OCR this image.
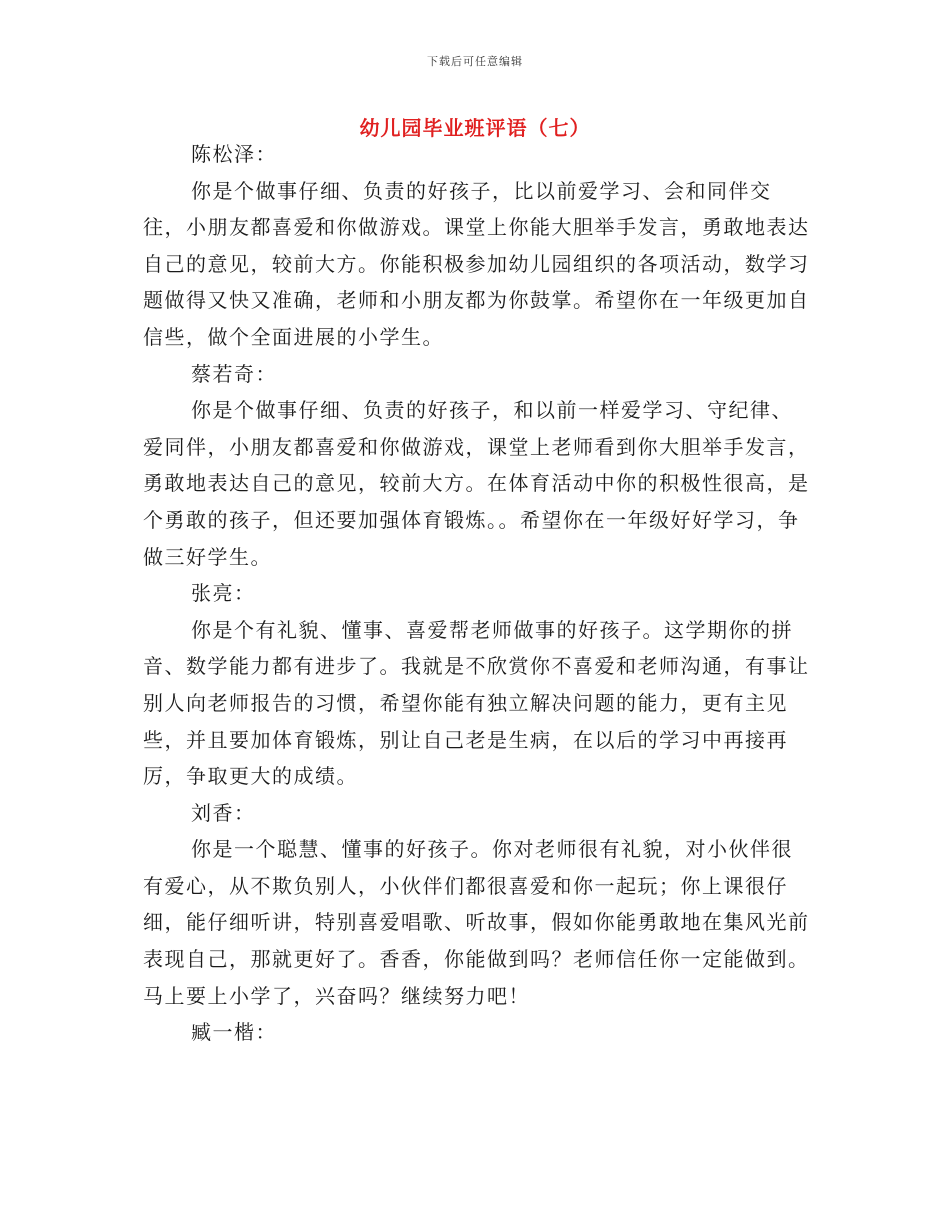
下载后可任意编辑
幼儿园毕业班评语（七）

陈松泽：

你是个做事仔细、负责的好孩子，比以前爱学习、会和同伴交往，小朋友都喜爱和你做游戏。课堂上你能大胆举手发言，勇敢地表达自己的意见，较前大方。你能积极参加幼儿园组织的各项活动，数学习题做得又快又准确，老师和小朋友都为你鼓掌。希望你在一年级更加自信些，做个全面进展的小学生。

蔡若奇：

你是个做事仔细、负责的好孩子，和以前一样爱学习、守纪律、爱同伴，小朋友都喜爱和你做游戏，课堂上老师看到你大胆举手发言，勇敢地表达自己的意见，较前大方。在体育活动中你的积极性很高，是个勇敢的孩子，但还要加强体育锻炼。。希望你在一年级好好学习，争做三好学生。

张亮：

你是个有礼貌、懂事、喜爱帮老师做事的好孩子。这学期你的拼音、数学能力都有进步了。我就是不欣赏你不喜爱和老师沟通，有事让别人向老师报告的习惯，希望你能有独立解决问题的能力，更有主见些，并且要加体育锻炼，别让自己老是生病，在以后的学习中再接再厉，争取更大的成绩。

刘香：

你是一个聪慧、懂事的好孩子。你对老师很有礼貌，对小伙伴很有爱心，从不欺负别人，小伙伴们都很喜爱和你一起玩；你上课很仔细，能仔细听讲，特别喜爱唱歌、听故事，假如你能勇敢地在集风光前表现自己，那就更好了。香香，你能做到吗？老师信任你一定能做到。马上要上小学了，兴奋吗？继续努力吧！

臧一楷：
